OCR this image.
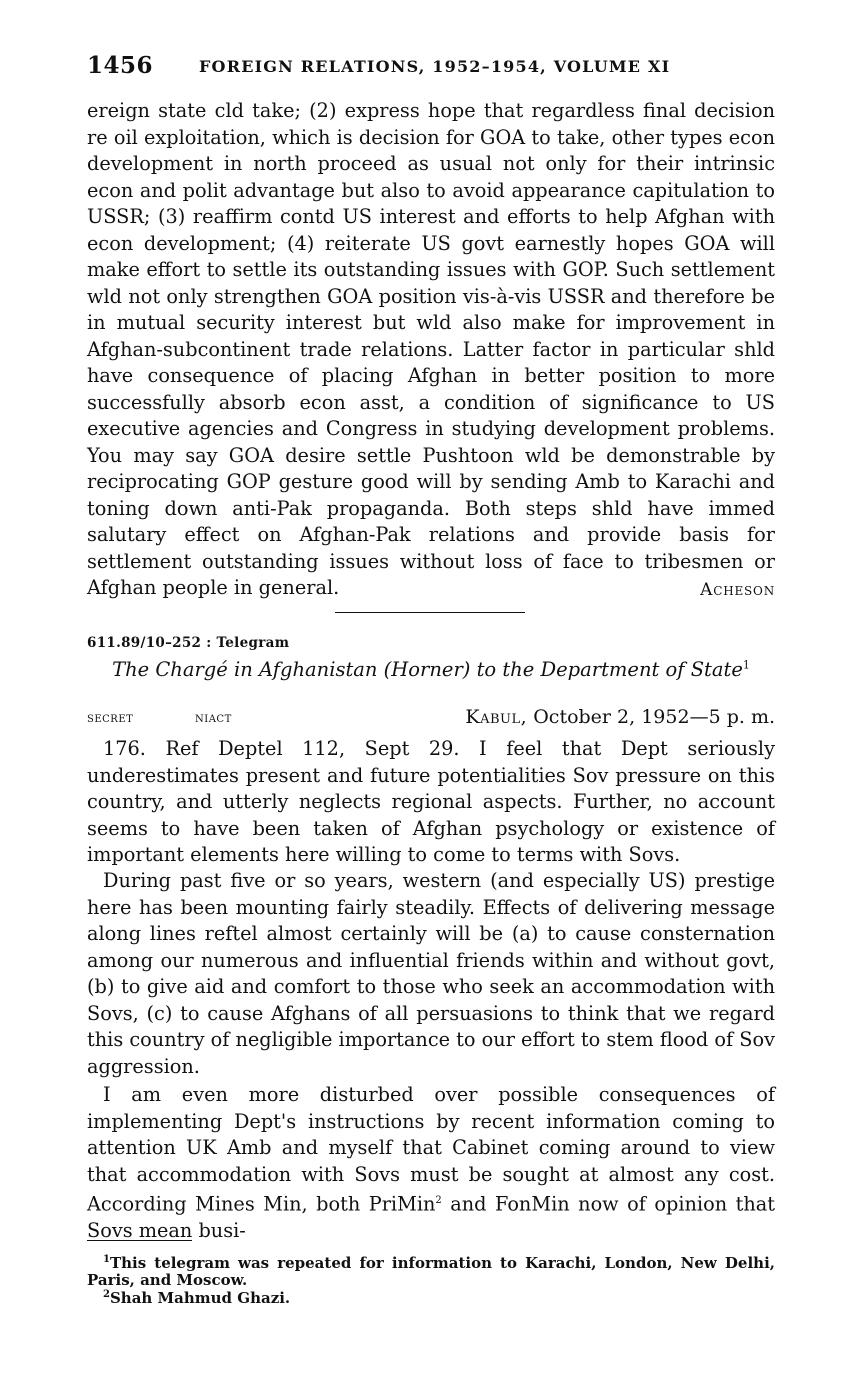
1456	FOREIGN RELATIONS, 1952–1954, VOLUME XI

ereign state cld take; (2) express hope that regardless final decision re oil exploitation, which is decision for GOA to take, other types econ development in north proceed as usual not only for their intrinsic econ and polit advantage but also to avoid appearance capitulation to USSR; (3) reaffirm contd US interest and efforts to help Afghan with econ development; (4) reiterate US govt earnestly hopes GOA will make effort to settle its outstanding issues with GOP. Such settlement wld not only strengthen GOA position vis-à-vis USSR and therefore be in mutual security interest but wld also make for improvement in Afghan-subcontinent trade relations. Latter factor in particular shld have consequence of placing Afghan in better position to more successfully absorb econ asst, a condition of significance to US executive agencies and Congress in studying development problems. You may say GOA desire settle Pushtoon wld be demonstrable by reciprocating GOP gesture good will by sending Amb to Karachi and toning down anti-Pak propaganda. Both steps shld have immed salutary effect on Afghan-Pak relations and provide basis for settlement outstanding issues without loss of face to tribesmen or Afghan people in general.	Acheson
611.89/10–252 : Telegram
The Chargé in Afghanistan (Horner) to the Department of State$^1$
secret	niact	Kabul, October 2, 1952—5 p. m.

176. Ref Deptel 112, Sept 29. I feel that Dept seriously underestimates present and future potentialities Sov pressure on this country, and utterly neglects regional aspects. Further, no account seems to have been taken of Afghan psychology or existence of important elements here willing to come to terms with Sovs.

During past five or so years, western (and especially US) prestige here has been mounting fairly steadily. Effects of delivering message along lines reftel almost certainly will be (a) to cause consternation among our numerous and influential friends within and without govt, (b) to give aid and comfort to those who seek an accommodation with Sovs, (c) to cause Afghans of all persuasions to think that we regard this country of negligible importance to our effort to stem flood of Sov aggression.

I am even more disturbed over possible consequences of implementing Dept's instructions by recent information coming to attention UK Amb and myself that Cabinet coming around to view that accommodation with Sovs must be sought at almost any cost. According Mines Min, both PriMin$^2$ and FonMin now of opinion that Sovs mean busi-

$^1$This telegram was repeated for information to Karachi, London, New Delhi, Paris, and Moscow.

$^2$Shah Mahmud Ghazi.
